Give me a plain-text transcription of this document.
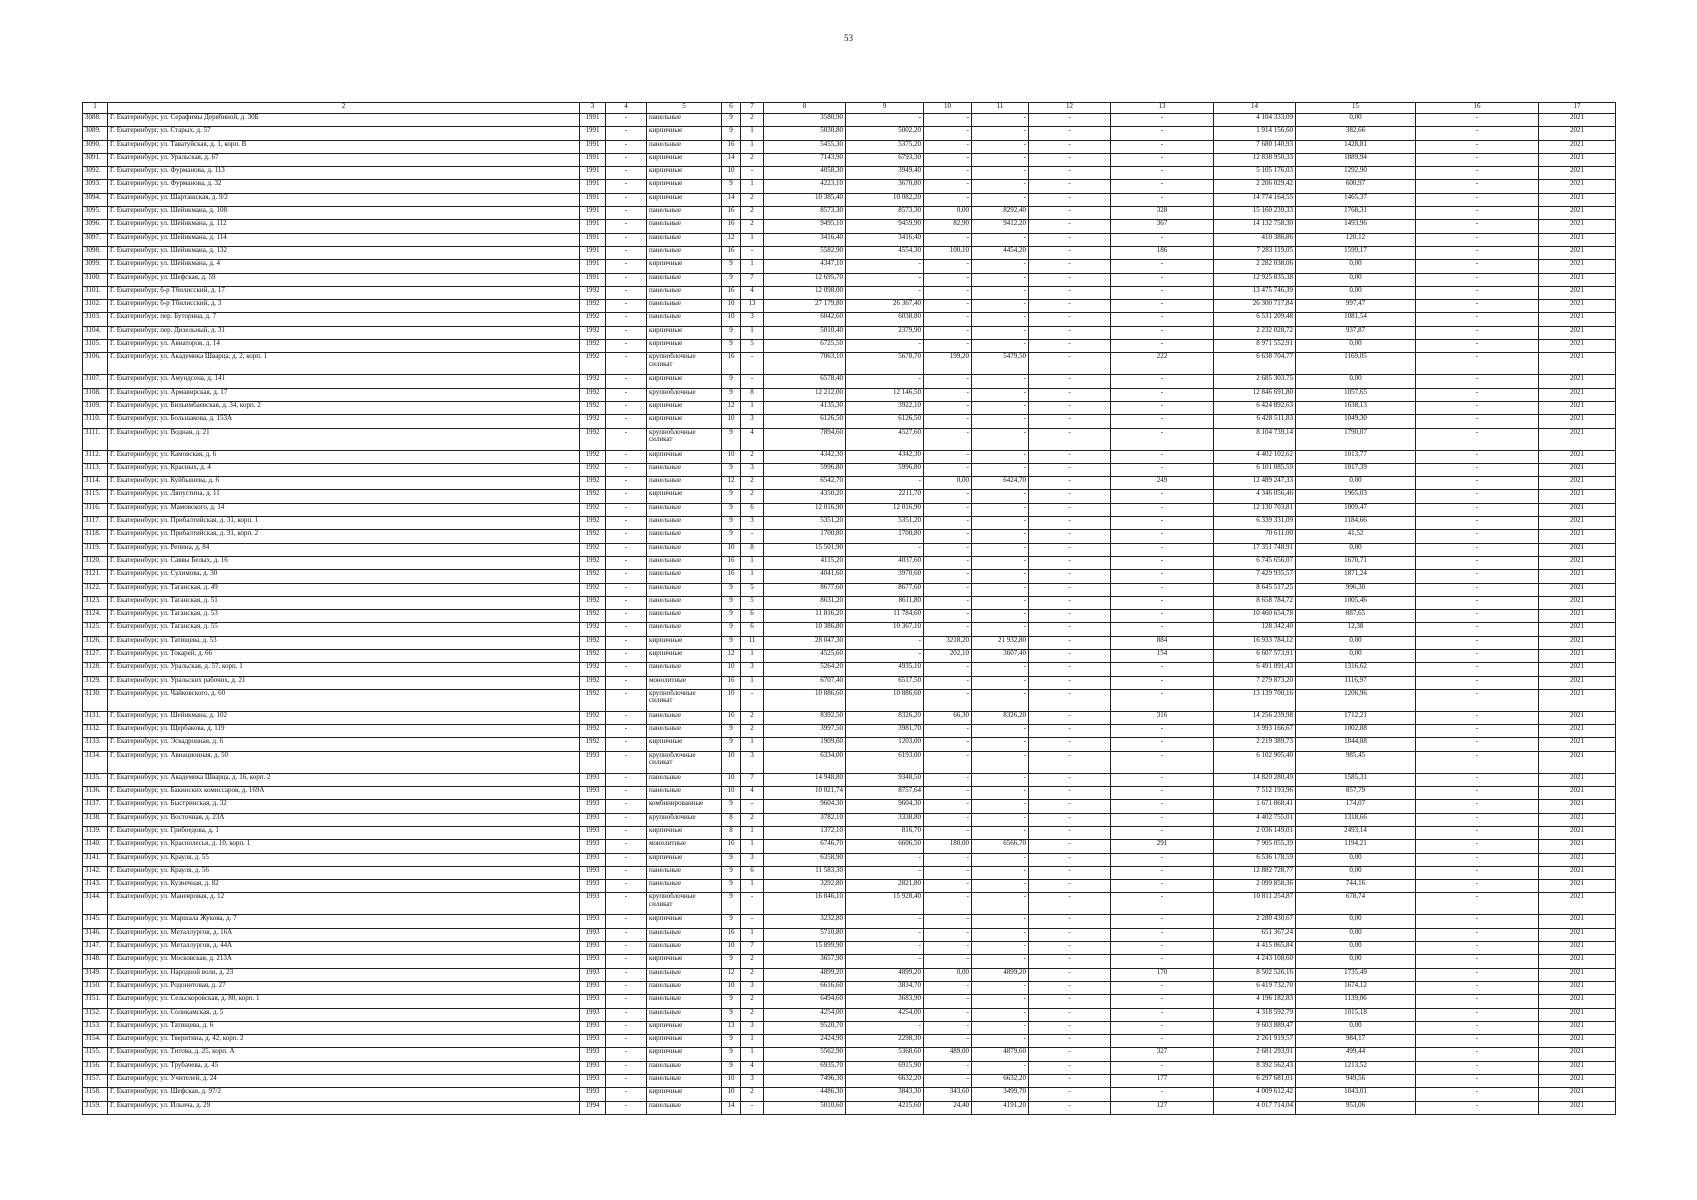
53
1	2	3	4	5	6	7	8	9	10	11	12	13	14	15	16	17
3088.	Г. Екатеринбург, ул. Серафимы Дерябиной, д. 30Б	1991	-	панельные	9	2	3580,90	-	-	-	-	-	4 104 333,09	0,00	-	2021
3089.	Г. Екатеринбург, ул. Старых, д. 57	1991	-	кирпичные	9	1	5030,80	5002,20	-	-	-	-	1 914 156,60	382,66	-	2021
3090.	Г. Екатеринбург, ул. Таватуйская, д. 1, корп. В	1991	-	панельные	16	1	5455,30	5375,20	-	-	-	-	7 680 140,93	1428,81	-	2021
3091.	Г. Екатеринбург, ул. Уральская, д. 67	1991	-	кирпичные	14	2	7143,90	6793,30	-	-	-	-	12 838 950,33	1889,94	-	2021
3092.	Г. Екатеринбург, ул. Фурманова, д. 113	1991	-	кирпичные	10	-	4058,30	3949,40	-	-	-	-	5 105 176,03	1292,90	-	2021
3093.	Г. Екатеринбург, ул. Фурманова, д. 32	1991	-	кирпичные	9	1	4223,10	3670,80	-	-	-	-	2 206 029,42	600,97	-	2021
3094.	Г. Екатеринбург, ул. Шарташская, д. 9/2	1991	-	кирпичные	14	2	10 385,40	10 082,20	-	-	-	-	14 774 164,55	1465,37	-	2021
3095.	Г. Екатеринбург, ул. Шейнкмана, д. 108	1991	-	панельные	16	2	8573,30	8573,30	0,00	8292,40	-	328	15 160 239,33	1768,31	-	2021
3096.	Г. Екатеринбург, ул. Шейнкмана, д. 112	1991	-	панельные	16	2	9495,10	9459,90	82,90	9412,20	-	367	14 132 758,30	1493,96	-	2021
3097.	Г. Екатеринбург, ул. Шейнкмана, д. 114	1991	-	панельные	12	1	3416,40	3416,40	-	-	-	-	410 386,86	120,12	-	2021
3098.	Г. Екатеринбург, ул. Шейнкмана, д. 132	1991	-	панельные	16	-	5582,90	4554,30	100,10	4454,20	-	186	7 283 119,05	1599,17	-	2021
3099.	Г. Екатеринбург, ул. Шейнкмана, д. 4	1991	-	кирпичные	9	1	4347,10	-	-	-	-	-	2 282 038,06	0,00	-	2021
3100.	Г. Екатеринбург, ул. Шефская, д. 59	1991	-	панельные	9	7	12 695,70	-	-	-	-	-	12 925 835,38	0,00	-	2021
3101.	Г. Екатеринбург, б-р Тбилисский, д. 17	1992	-	панельные	16	4	12 098,00	-	-	-	-	-	13 475 746,39	0,00	-	2021
3102.	Г. Екатеринбург, б-р Тбилисский, д. 3	1992	-	панельные	10	13	27 179,80	26 367,40	-	-	-	-	26 300 717,84	997,47	-	2021
3103.	Г. Екатеринбург, пер. Буторина, д. 7	1992	-	панельные	10	3	6042,60	6038,80	-	-	-	-	6 531 209,48	1081,54	-	2021
3104.	Г. Екатеринбург, пер. Дизельный, д. 31	1992	-	кирпичные	9	1	5010,40	2379,90	-	-	-	-	2 232 028,72	937,87	-	2021
3105.	Г. Екатеринбург, ул. Авиаторов, д. 14	1992	-	кирпичные	9	5	6725,50	-	-	-	-	-	8 971 552,91	0,00	-	2021
3106.	Г. Екатеринбург, ул. Академика Шварца, д. 2, корп. 1	1992	-	крупноблочные силикат	16	-	7063,10	5678,70	199,20	5479,50	-	222	6 638 704,77	1169,05	-	2021
3107.	Г. Екатеринбург, ул. Амундсена, д. 141	1992	-	кирпичные	9	-	6578,40	-	-	-	-	-	2 685 303,75	0,00	-	2021
3108.	Г. Екатеринбург, ул. Армавирская, д. 17	1992	-	крупноблочные	9	8	12 212,00	12 146,50	-	-	-	-	12 846 691,80	1057,65	-	2021
3109.	Г. Екатеринбург, ул. Бильимбаевская, д. 34, корп. 2	1992	-	кирпичные	12	1	4135,30	3922,10	-	-	-	-	6 424 892,63	1638,13	-	2021
3110.	Г. Екатеринбург, ул. Большакова, д. 153А	1992	-	кирпичные	10	3	6126,50	6126,50	-	-	-	-	6 428 511,83	1049,30	-	2021
3111.	Г. Екатеринбург, ул. Водная, д. 21	1992	-	крупноблочные силикат	9	4	7894,60	4527,60	-	-	-	-	8 104 739,14	1790,07	-	2021
3112.	Г. Екатеринбург, ул. Камовская, д. 6	1992	-	кирпичные	10	2	4342,30	4342,30	-	-	-	-	4 402 102,62	1013,77	-	2021
3113.	Г. Екатеринбург, ул. Красных, д. 4	1992	-	панельные	9	3	5996,80	5996,80	-	-	-	-	6 101 085,59	1017,39	-	2021
3114.	Г. Екатеринбург, ул. Куйбышева, д. 6	1992	-	панельные	12	2	6542,70	-	0,00	6424,70	-	249	12 489 247,33	0,00	-	2021
3115.	Г. Екатеринбург, ул. Ляпустина, д. 11	1992	-	кирпичные	9	2	4350,20	2211,70	-	-	-	-	4 346 056,46	1965,03	-	2021
3116.	Г. Екатеринбург, ул. Мамовского, д. 14	1992	-	панельные	9	6	12 016,90	12 016,90	-	-	-	-	12 130 703,81	1009,47	-	2021
3117.	Г. Екатеринбург, ул. Прибалтийская, д. 31, корп. 1	1992	-	панельные	9	3	5351,20	5351,20	-	-	-	-	6 339 331,09	1184,66	-	2021
3118.	Г. Екатеринбург, ул. Прибалтийская, д. 31, корп. 2	1992	-	панельные	9	-	1700,80	1700,80	-	-	-	-	70 611,00	41,52	-	2021
3119.	Г. Екатеринбург, ул. Репина, д. 84	1992	-	панельные	10	8	15 501,90	-	-	-	-	-	17 351 748,91	0,00	-	2021
3120.	Г. Екатеринбург, ул. Саввы Белых, д. 16	1992	-	панельные	16	1	4115,20	4037,60	-	-	-	-	6 745 656,07	1670,71	-	2021
3121.	Г. Екатеринбург, ул. Сулимова, д. 30	1992	-	панельные	16	1	4041,60	3970,60	-	-	-	-	7 429 935,57	1871,24	-	2021
3122.	Г. Екатеринбург, ул. Таганская, д. 49	1992	-	панельные	9	5	8677,60	8677,60	-	-	-	-	8 645 517,25	996,30	-	2021
3123.	Г. Екатеринбург, ул. Таганская, д. 51	1992	-	панельные	9	5	8631,20	8611,80	-	-	-	-	8 658 784,72	1005,46	-	2021
3124.	Г. Екатеринбург, ул. Таганская, д. 53	1992	-	панельные	9	6	11 816,20	11 784,60	-	-	-	-	10 460 654,78	887,65	-	2021
3125.	Г. Екатеринбург, ул. Таганская, д. 55	1992	-	панельные	9	6	10 386,80	10 367,10	-	-	-	-	128 342,40	12,38	-	2021
3126.	Г. Екатеринбург, ул. Татищева, д. 53	1992	-	кирпичные	9	11	28 047,30	-	3218,20	21 932,80	-	884	16 933 784,12	0,00	-	2021
3127.	Г. Екатеринбург, ул. Токарей, д. 66	1992	-	кирпичные	12	1	4525,60	-	202,10	3607,40	-	154	6 607 573,91	0,00	-	2021
3128.	Г. Екатеринбург, ул. Уральская, д. 57, корп. 1	1992	-	панельные	10	3	5264,20	4935,10	-	-	-	-	6 491 091,43	1316,62	-	2021
3129.	Г. Екатеринбург, ул. Уральских рабочих, д. 21	1992	-	монолитные	16	1	6707,40	6517,50	-	-	-	-	7 279 873,20	1116,97	-	2021
3130.	Г. Екатеринбург, ул. Чайковского, д. 60	1992	-	крупноблочные силикат	10	-	10 886,60	10 886,60	-	-	-	-	13 139 700,16	1206,96	-	2021
3131.	Г. Екатеринбург, ул. Шейнкмана, д. 102	1992	-	панельные	16	2	8392,50	8326,20	66,30	8326,20	-	316	14 256 239,98	1712,21	-	2021
3132.	Г. Екатеринбург, ул. Щербакова, д. 119	1992	-	панельные	9	2	3997,50	3981,70	-	-	-	-	3 993 166,67	1002,88	-	2021
3133.	Г. Екатеринбург, ул. Эскадронная, д. 6	1992	-	кирпичные	9	1	1909,60	1203,00	-	-	-	-	2 219 389,73	1844,88	-	2021
3134.	Г. Екатеринбург, ул. Авиационная, д. 50	1993	-	крупноблочные силикат	10	3	6334,00	6193,00	-	-	-	-	6 102 905,40	985,45	-	2021
3135.	Г. Екатеринбург, ул. Академика Шварца, д. 16, корп. 2	1993	-	панельные	10	7	14 948,80	9348,50	-	-	-	-	14 820 280,49	1585,31	-	2021
3136.	Г. Екатеринбург, ул. Бакинских комиссаров, д. 169А	1993	-	панельные	10	4	10 021,74	8757,64	-	-	-	-	7 512 193,96	857,79	-	2021
3137.	Г. Екатеринбург, ул. Быстринская, д. 32	1993	-	комбинированные	9	-	9604,30	9604,30	-	-	-	-	1 671 868,41	174,07	-	2021
3138.	Г. Екатеринбург, ул. Восточная, д. 23А	1993	-	крупноблочные	8	2	3782,10	3338,80	-	-	-	-	4 402 755,01	1318,66	-	2021
3139.	Г. Екатеринбург, ул. Грибоедова, д. 1	1993	-	кирпичные	8	1	1372,10	816,70	-	-	-	-	2 036 149,01	2493,14	-	2021
3140.	Г. Екатеринбург, ул. Краснолесья, д. 10, корп. 1	1993	-	монолитные	16	1	6746,70	6606,50	180,00	6566,70	-	291	7 905 055,39	1194,21	-	2021
3141.	Г. Екатеринбург, ул. Крауля, д. 55	1993	-	кирпичные	9	3	6358,90	-	-	-	-	-	6 536 178,59	0,00	-	2021
3142.	Г. Екатеринбург, ул. Крауля, д. 56	1993	-	панельные	9	6	11 583,30	-	-	-	-	-	12 882 728,77	0,00	-	2021
3143.	Г. Екатеринбург, ул. Кузнечная, д. 82	1993	-	панельные	9	1	3292,80	2821,80	-	-	-	-	2 099 858,36	744,16	-	2021
3144.	Г. Екатеринбург, ул. Маневровая, д. 12	1993	-	крупноблочные силикат	9	-	16 846,10	15 928,40	-	-	-	-	10 811 254,87	678,74	-	2021
3145.	Г. Екатеринбург, ул. Маршала Жукова, д. 7	1993	-	кирпичные	9	-	3232,80	-	-	-	-	-	2 280 430,67	0,00	-	2021
3146.	Г. Екатеринбург, ул. Металлургов, д. 16А	1993	-	панельные	16	1	5710,80	-	-	-	-	-	651 367,24	0,00	-	2021
3147.	Г. Екатеринбург, ул. Металлургов, д. 44А	1993	-	панельные	10	7	15 899,90	-	-	-	-	-	4 415 065,84	0,00	-	2021
3148.	Г. Екатеринбург, ул. Московская, д. 213А	1993	-	кирпичные	9	2	3657,90	-	-	-	-	-	4 243 108,60	0,00	-	2021
3149.	Г. Екатеринбург, ул. Народной воли, д. 23	1993	-	панельные	12	2	4899,20	4899,20	0,00	4899,20	-	170	8 502 526,16	1735,49	-	2021
3150.	Г. Екатеринбург, ул. Родонитовая, д. 27	1993	-	панельные	10	3	6616,60	3834,70	-	-	-	-	6 419 732,70	1674,12	-	2021
3151.	Г. Екатеринбург, ул. Сельскоровская, д. 80, корп. 1	1993	-	панельные	9	2	6494,60	3683,90	-	-	-	-	4 196 182,83	1139,06	-	2021
3152.	Г. Екатеринбург, ул. Соликамская, д. 5	1993	-	панельные	9	2	4254,00	4254,00	-	-	-	-	4 318 592,79	1015,18	-	2021
3153.	Г. Екатеринбург, ул. Татищева, д. 6	1993	-	кирпичные	13	3	9520,70	-	-	-	-	-	9 603 889,47	0,00	-	2021
3154.	Г. Екатеринбург, ул. Тверитина, д. 42, корп. 2	1993	-	кирпичные	9	1	2424,90	2298,30	-	-	-	-	2 261 919,57	984,17	-	2021
3155.	Г. Екатеринбург, ул. Титова, д. 25, корп. А	1993	-	кирпичные	9	1	5562,90	5368,60	489,00	4879,60	-	327	2 681 293,91	499,44	-	2021
3156.	Г. Екатеринбург, ул. Трубачева, д. 45	1993	-	панельные	9	4	6935,70	6915,90	-	-	-	-	8 392 562,43	1213,52	-	2021
3157.	Г. Екатеринбург, ул. Учителей, д. 24	1993	-	панельные	10	3	7496,30	6632,20	-	6632,20	-	177	6 297 681,01	949,56	-	2021
3158.	Г. Екатеринбург, ул. Шефская, д. 97/2	1993	-	кирпичные	10	2	4486,30	3843,30	343,60	3499,70	-	-	4 009 612,42	1043,01	-	2021
3159.	Г. Екатеринбург, ул. Ильича, д. 29	1994	-	панельные	14	-	5010,60	4215,60	24,40	4191,20	-	127	4 017 714,04	953,06	-	2021
